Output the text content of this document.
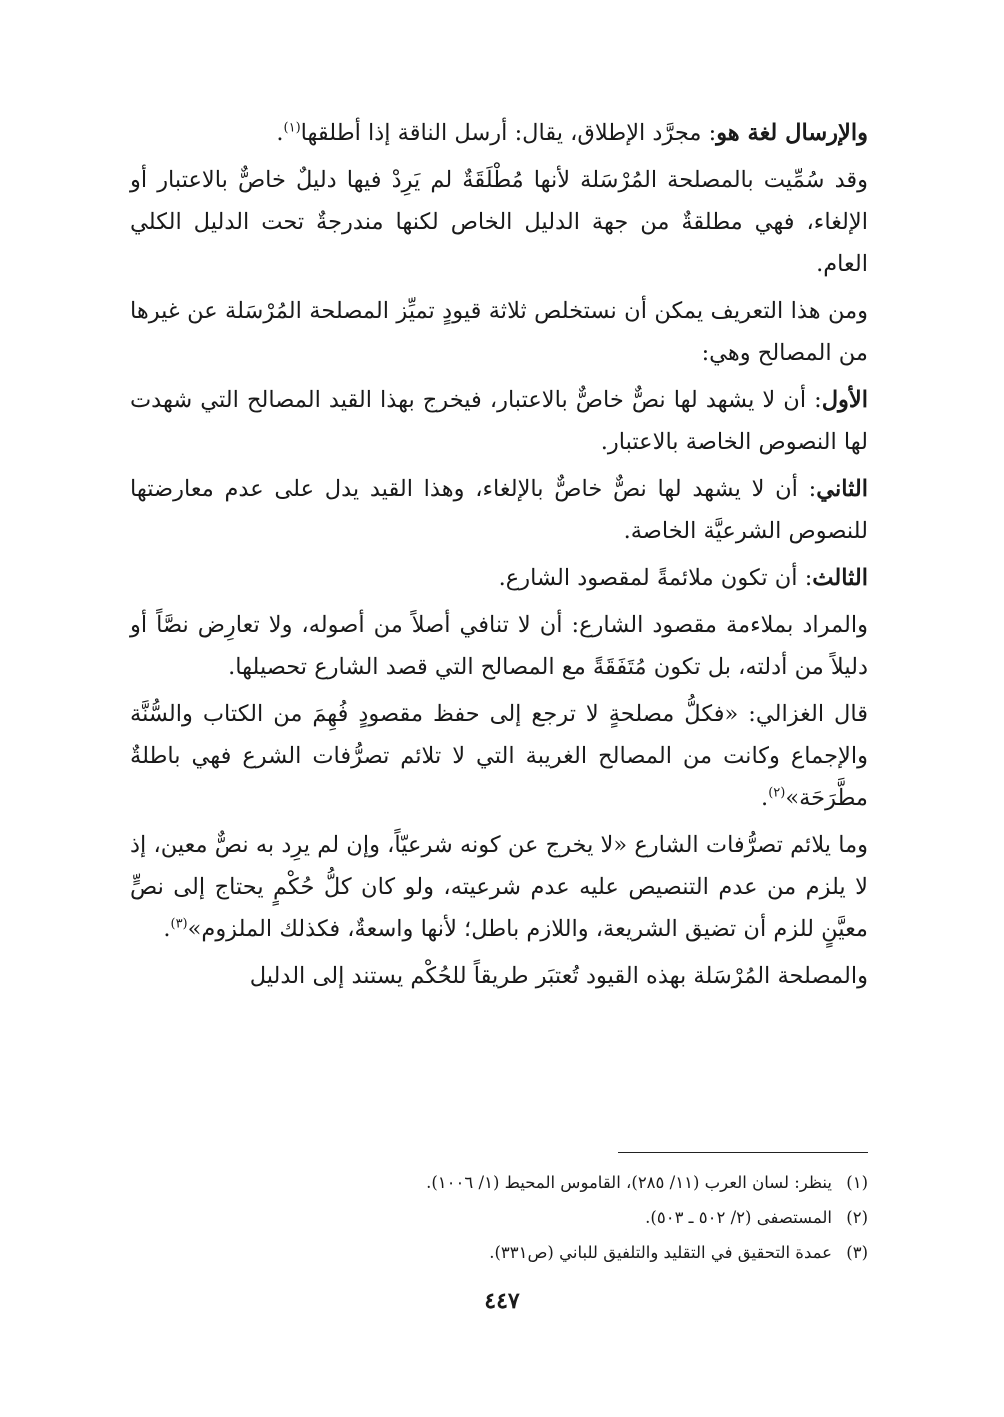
والإرسال لغة هو: مجرَّد الإطلاق، يقال: أرسل الناقة إذا أطلقها$^{(١)}$.

وقد سُمِّيت بالمصلحة المُرْسَلة لأنها مُطْلَقَةٌ لم يَرِدْ فيها دليلٌ خاصٌّ بالاعتبار أو الإلغاء، فهي مطلقةٌ من جهة الدليل الخاص لكنها مندرجةٌ تحت الدليل الكلي العام.

ومن هذا التعريف يمكن أن نستخلص ثلاثة قيودٍ تميِّز المصلحة المُرْسَلة عن غيرها من المصالح وهي:

الأول: أن لا يشهد لها نصٌّ خاصٌّ بالاعتبار، فيخرج بهذا القيد المصالح التي شهدت لها النصوص الخاصة بالاعتبار.

الثاني: أن لا يشهد لها نصٌّ خاصٌّ بالإلغاء، وهذا القيد يدل على عدم معارضتها للنصوص الشرعيَّة الخاصة.

الثالث: أن تكون ملائمةً لمقصود الشارع.

والمراد بملاءمة مقصود الشارع: أن لا تنافي أصلاً من أصوله، ولا تعارِض نصَّاً أو دليلاً من أدلته، بل تكون مُتَفَقَةً مع المصالح التي قصد الشارع تحصيلها.

قال الغزالي: «فكلُّ مصلحةٍ لا ترجع إلى حفظ مقصودٍ فُهِمَ من الكتاب والسُّنَّة والإجماع وكانت من المصالح الغريبة التي لا تلائم تصرُّفات الشرع فهي باطلةٌ مطَّرَحَة»$^{(٢)}$.

وما يلائم تصرُّفات الشارع «لا يخرج عن كونه شرعيّاً، وإن لم يرِد به نصٌّ معين، إذ لا يلزم من عدم التنصيص عليه عدم شرعيته، ولو كان كلُّ حُكْمٍ يحتاج إلى نصٍّ معيَّنٍ للزم أن تضيق الشريعة، واللازم باطل؛ لأنها واسعةٌ، فكذلك الملزوم»$^{(٣)}$.

والمصلحة المُرْسَلة بهذه القيود تُعتبَر طريقاً للحُكْم يستند إلى الدليل

(١)ينظر: لسان العرب (١١/ ٢٨٥)، القاموس المحيط (١/ ١٠٠٦).
(٢)المستصفى (٢/ ٥٠٢ ـ ٥٠٣).
(٣)عمدة التحقيق في التقليد والتلفيق للباني (ص٣٣١).
٤٤٧
